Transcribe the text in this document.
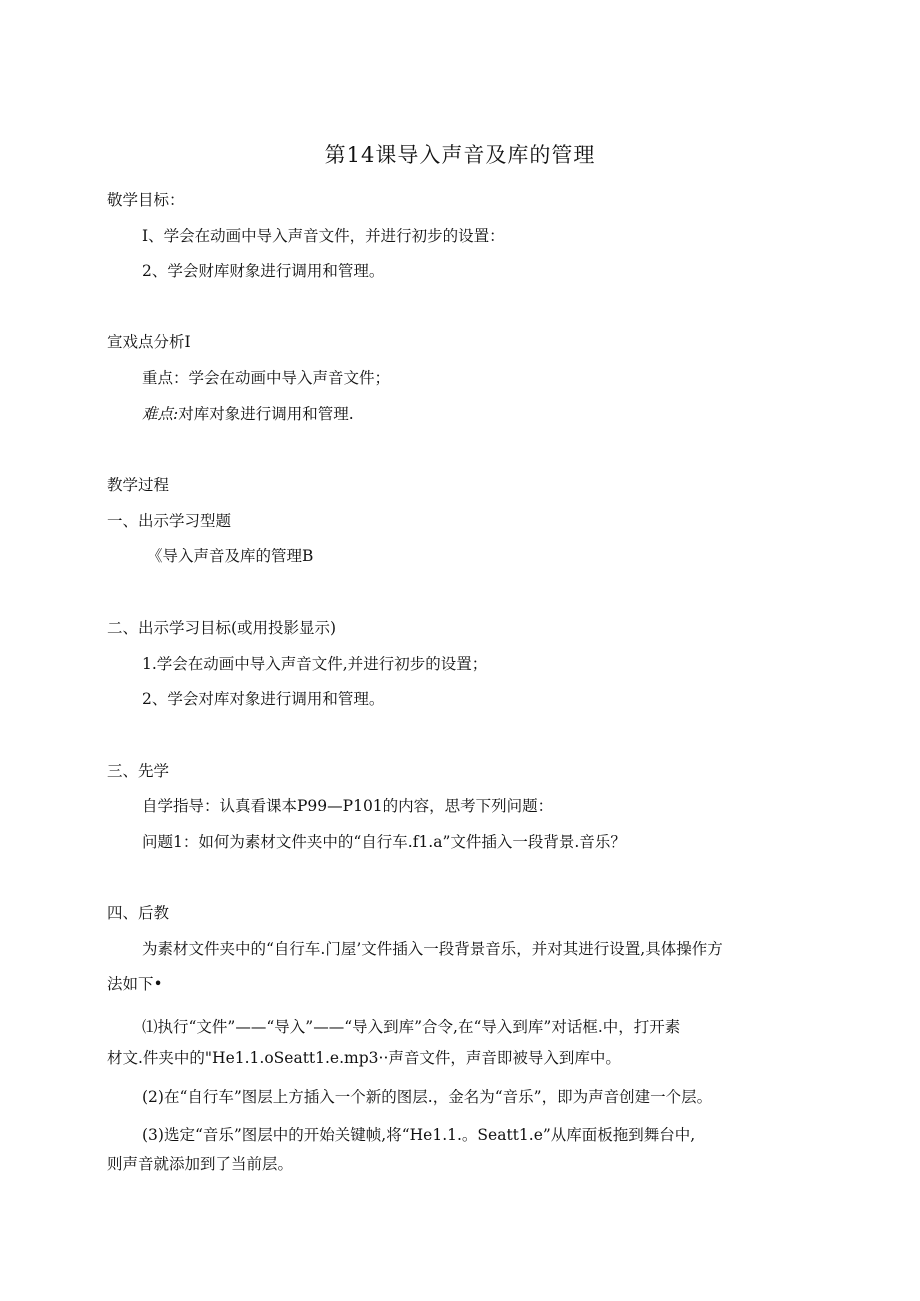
第14课导入声音及库的管理
敬学目标：
I、学会在动画中导入声音文件，并进行初步的设置：
2、学会财库财象进行调用和管理。
宣戏点分析I
重点：学会在动画中导入声音文件；
难点:对库对象进行调用和管理.
教学过程
一、出示学习型题
《导入声音及库的管理B
二、出示学习目标(或用投影显示)
1.学会在动画中导入声音文件,并进行初步的设置；
2、学会对库对象进行调用和管理。
三、先学
自学指导：认真看课本P99—P101的内容，思考下列问题：
问题1：如何为素材文件夹中的“自行车.f1.a”文件插入一段背景.音乐？
四、后教
为素材文件夹中的“自行车.门屋’文件插入一段背景音乐，并对其进行设置,具体操作方
法如下•
⑴执行“文件”——“导入”——“导入到库”合令,在“导入到库”对话框.中，打开素
材文.件夹中的"He1.1.oSeatt1.e.mp3··声音文件，声音即被导入到库中。
(2)在“自行车”图层上方插入一个新的图层.，金名为“音乐”，即为声音创建一个层。
(3)选定“音乐”图层中的开始关键帧,将“He1.1.。Seatt1.e”从库面板拖到舞台中,
则声音就添加到了当前层。
